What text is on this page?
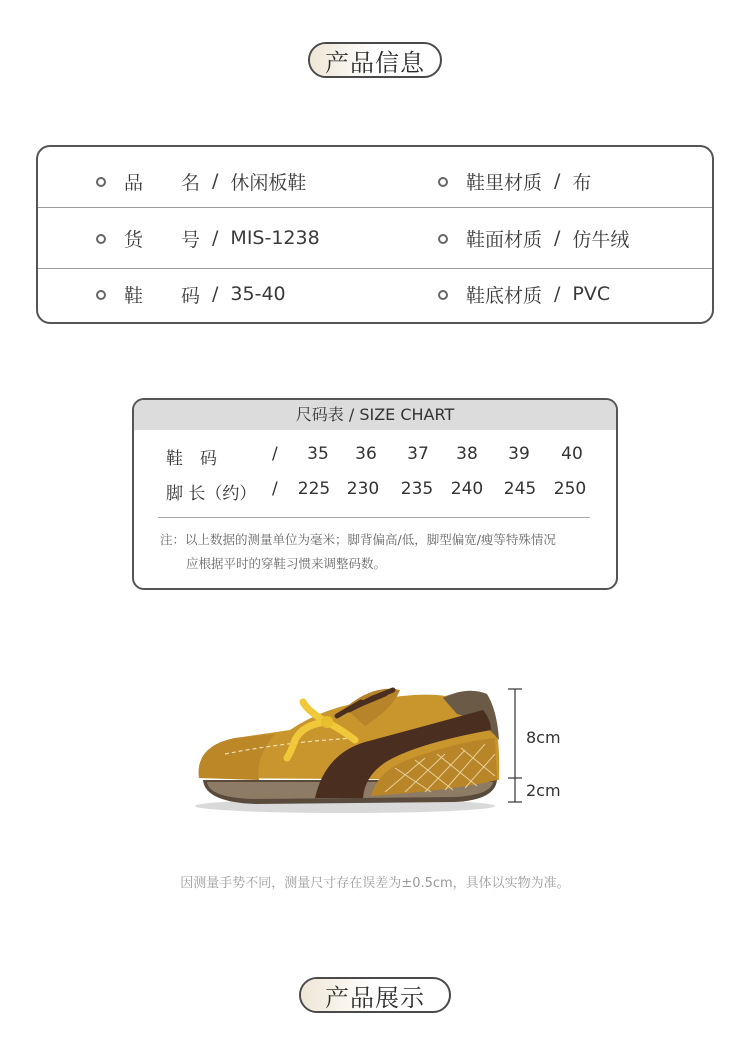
产品信息
品　　名 / 休闲板鞋	鞋里材质 / 布
货　　号 / MIS-1238	鞋面材质 / 仿牛绒
鞋　　码 / 35-40	鞋底材质 / PVC
尺码表 / SIZE CHART
鞋　码	/	35	36	37	38	39	40
脚 长（约） / 225 230 235 240 245 250
注：以上数据的测量单位为毫米；脚背偏高/低，脚型偏宽/瘦等特殊情况
应根据平时的穿鞋习惯来调整码数。
8cm
2cm
因测量手势不同，测量尺寸存在误差为±0.5cm，具体以实物为准。
产品展示
